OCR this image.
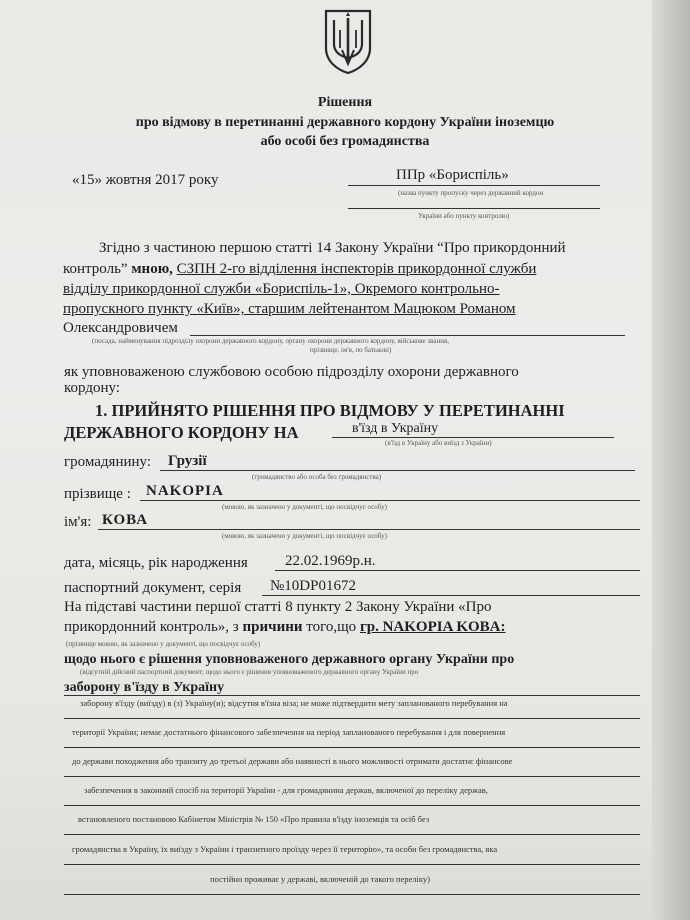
Рішення
про відмову в перетинанні державного кордону України іноземцю
або особі без громадянства
«15» жовтня 2017 року	ППр «Бориспіль»
(назва пункту пропуску через державний кордон
України або пункту контролю)
Згідно з частиною першою статті 14 Закону України “Про прикордонний
контроль” мною, СЗПН 2-го відділення інспекторів прикордонної служби
відділу прикордонної служби «Бориспіль-1», Окремого контрольно-
пропускного пункту «Київ», старшим лейтенантом Мацюком Романом
Олександровичем
(посада, найменування підрозділу охорони державного кордону, органу охорони державного кордону, військове звання,
прізвище, ім'я, по батькові)
як уповноваженою службовою особою підрозділу охорони державного
кордону:
1. ПРИЙНЯТО РІШЕННЯ ПРО ВІДМОВУ У ПЕРЕТИНАННІ
ДЕРЖАВНОГО КОРДОНУ НА	в'їзд в Україну
(в'їзд в Україну або виїзд з України)
громадянину: Грузії
(громадянство або особа без громадянства)
прізвище : NAKOPIA
(мовою, як зазначено у документі, що посвідчує особу)
ім'я: КОВА
(мовою, як зазначено у документі, що посвідчує особу)
дата, місяць, рік народження 22.02.1969р.н.
паспортний документ, серія №10DP01672
На підставі частини першої статті 8 пункту 2 Закону України «Про
прикордонний контроль», з причини того,що гр. NAKOPIA KOBA:
(прізвище мовою, як зазначено у документі, що посвідчує особу)
щодо нього є рішення уповноваженого державного органу України про
(відсутній дійсний паспортний документ; щодо нього є рішення уповноваженого державного органу України про
заборону в'їзду в Україну
заборону в'їзду (виїзду) в (з) Україну(и); відсутня в'їзна віза; не може підтвердити мету запланованого перебування на
території України; немає достатнього фінансового забезпечення на період запланованого перебування і для повернення
до держави походження або транзиту до третьої держави або наявності в нього можливості отримати достатнє фінансове
забезпечення в законний спосіб на території України - для громадянина держав, включеної до переліку держав,
встановленого постановою Кабінетом Міністрів № 150 «Про правила в'їзду іноземців та осіб без
громадянства в Україну, їх виїзду з України і транзитного проїзду через її територію», та особи без громадянства, яка
постійно проживає у державі, включеній до такого переліку)
